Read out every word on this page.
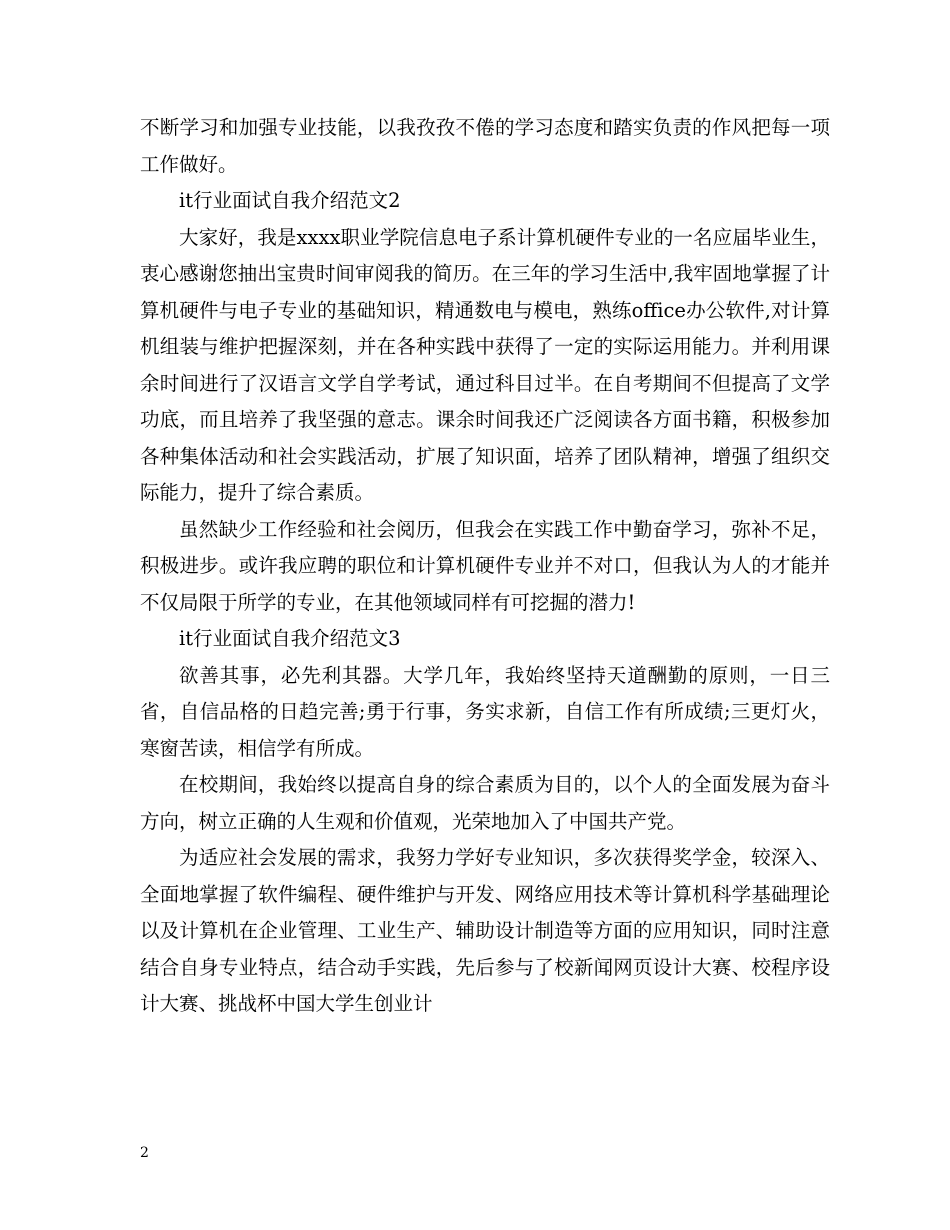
不断学习和加强专业技能，以我孜孜不倦的学习态度和踏实负责的作风把每一项工作做好。

it行业面试自我介绍范文2

大家好，我是xxxx职业学院信息电子系计算机硬件专业的一名应届毕业生，衷心感谢您抽出宝贵时间审阅我的简历。在三年的学习生活中,我牢固地掌握了计算机硬件与电子专业的基础知识，精通数电与模电，熟练office办公软件,对计算机组装与维护把握深刻，并在各种实践中获得了一定的实际运用能力。并利用课余时间进行了汉语言文学自学考试，通过科目过半。在自考期间不但提高了文学功底，而且培养了我坚强的意志。课余时间我还广泛阅读各方面书籍，积极参加各种集体活动和社会实践活动，扩展了知识面，培养了团队精神，增强了组织交际能力，提升了综合素质。

虽然缺少工作经验和社会阅历，但我会在实践工作中勤奋学习，弥补不足，积极进步。或许我应聘的职位和计算机硬件专业并不对口，但我认为人的才能并不仅局限于所学的专业，在其他领域同样有可挖掘的潜力!

it行业面试自我介绍范文3

欲善其事，必先利其器。大学几年，我始终坚持天道酬勤的原则，一日三省，自信品格的日趋完善;勇于行事，务实求新，自信工作有所成绩;三更灯火，寒窗苦读，相信学有所成。

在校期间，我始终以提高自身的综合素质为目的，以个人的全面发展为奋斗方向，树立正确的人生观和价值观，光荣地加入了中国共产党。

为适应社会发展的需求，我努力学好专业知识，多次获得奖学金，较深入、全面地掌握了软件编程、硬件维护与开发、网络应用技术等计算机科学基础理论以及计算机在企业管理、工业生产、辅助设计制造等方面的应用知识，同时注意结合自身专业特点，结合动手实践，先后参与了校新闻网页设计大赛、校程序设计大赛、挑战杯中国大学生创业计

2
